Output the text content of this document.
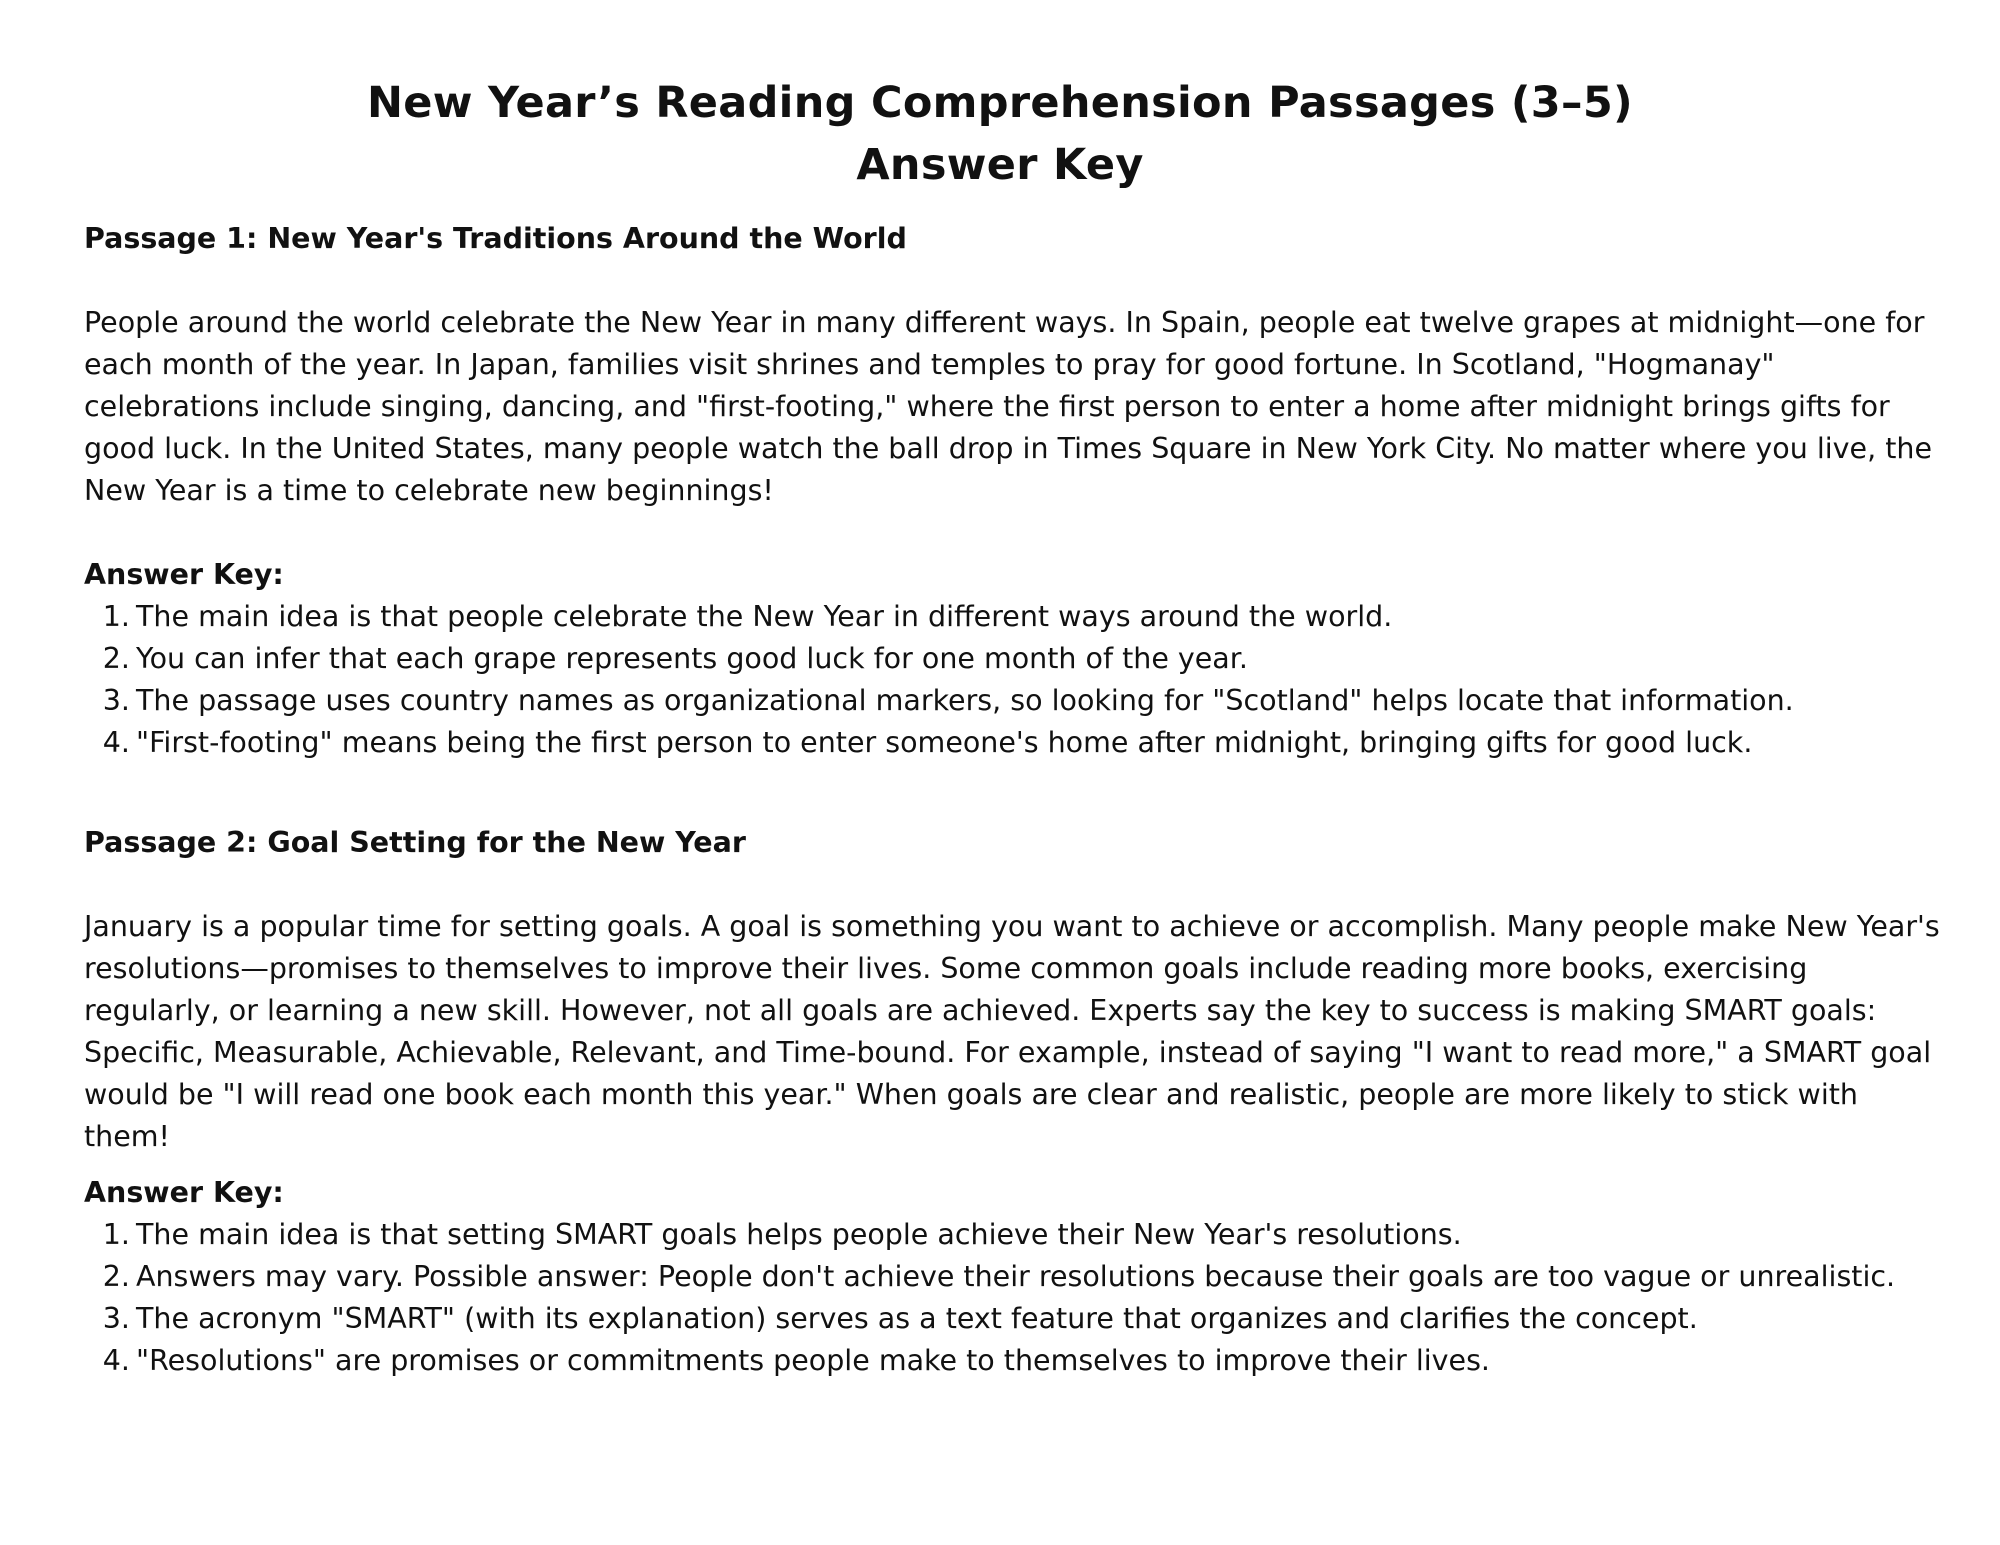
New Year’s Reading Comprehension Passages (3–5)
Answer Key

Passage 1: New Year's Traditions Around the World

People around the world celebrate the New Year in many different ways. In Spain, people eat twelve grapes at midnight—one for each month of the year. In Japan, families visit shrines and temples to pray for good fortune. In Scotland, "Hogmanay" celebrations include singing, dancing, and "first-footing," where the first person to enter a home after midnight brings gifts for good luck. In the United States, many people watch the ball drop in Times Square in New York City. No matter where you live, the New Year is a time to celebrate new beginnings!

Answer Key:

1. The main idea is that people celebrate the New Year in different ways around the world.
2. You can infer that each grape represents good luck for one month of the year.
3. The passage uses country names as organizational markers, so looking for "Scotland" helps locate that information.
4. "First-footing" means being the first person to enter someone's home after midnight, bringing gifts for good luck.

Passage 2: Goal Setting for the New Year

January is a popular time for setting goals. A goal is something you want to achieve or accomplish. Many people make New Year's resolutions—promises to themselves to improve their lives. Some common goals include reading more books, exercising regularly, or learning a new skill. However, not all goals are achieved. Experts say the key to success is making SMART goals: Specific, Measurable, Achievable, Relevant, and Time-bound. For example, instead of saying "I want to read more," a SMART goal would be "I will read one book each month this year." When goals are clear and realistic, people are more likely to stick with them!

Answer Key:

1. The main idea is that setting SMART goals helps people achieve their New Year's resolutions.
2. Answers may vary. Possible answer: People don't achieve their resolutions because their goals are too vague or unrealistic.
3. The acronym "SMART" (with its explanation) serves as a text feature that organizes and clarifies the concept.
4. "Resolutions" are promises or commitments people make to themselves to improve their lives.
